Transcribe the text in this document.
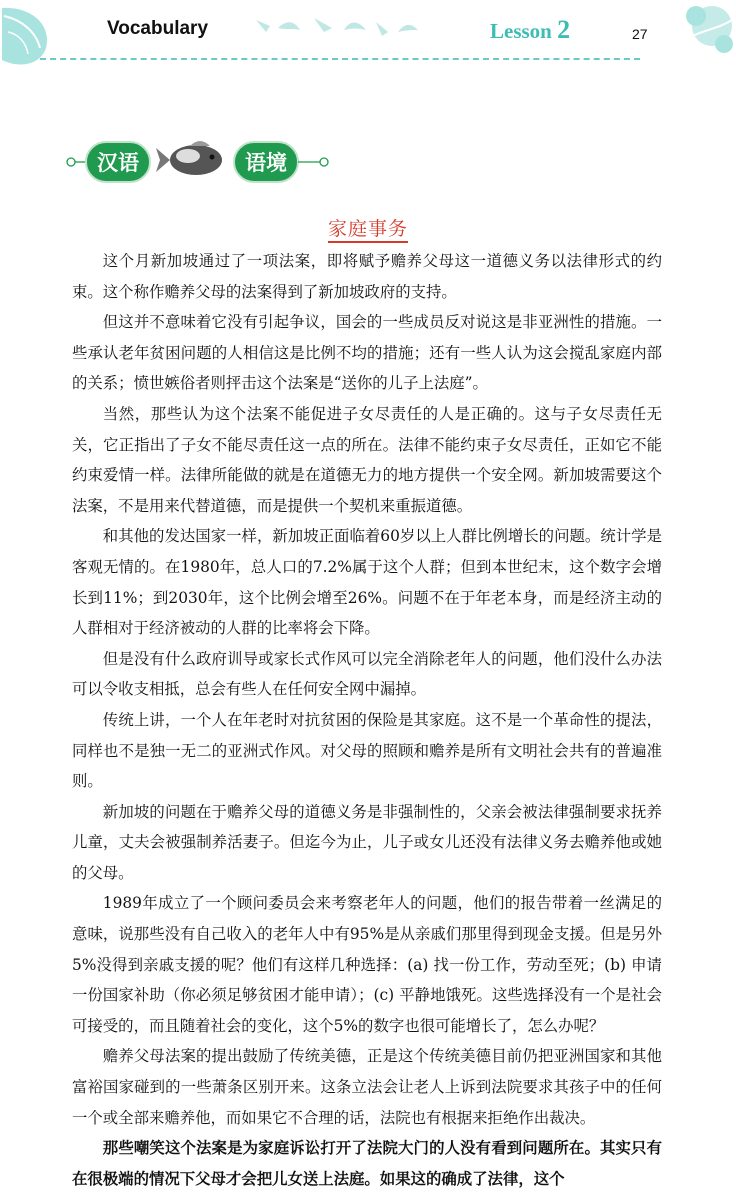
Vocabulary	Lesson 2	27
汉语	语境
家庭事务

这个月新加坡通过了一项法案，即将赋予赡养父母这一道德义务以法律形式的约束。这个称作赡养父母的法案得到了新加坡政府的支持。

但这并不意味着它没有引起争议，国会的一些成员反对说这是非亚洲性的措施。一些承认老年贫困问题的人相信这是比例不均的措施；还有一些人认为这会搅乱家庭内部的关系；愤世嫉俗者则抨击这个法案是“送你的儿子上法庭”。

当然，那些认为这个法案不能促进子女尽责任的人是正确的。这与子女尽责任无关，它正指出了子女不能尽责任这一点的所在。法律不能约束子女尽责任，正如它不能约束爱情一样。法律所能做的就是在道德无力的地方提供一个安全网。新加坡需要这个法案，不是用来代替道德，而是提供一个契机来重振道德。

和其他的发达国家一样，新加坡正面临着60岁以上人群比例增长的问题。统计学是客观无情的。在1980年，总人口的7.2%属于这个人群；但到本世纪末，这个数字会增长到11%；到2030年，这个比例会增至26%。问题不在于年老本身，而是经济主动的人群相对于经济被动的人群的比率将会下降。

但是没有什么政府训导或家长式作风可以完全消除老年人的问题，他们没什么办法可以令收支相抵，总会有些人在任何安全网中漏掉。

传统上讲，一个人在年老时对抗贫困的保险是其家庭。这不是一个革命性的提法，同样也不是独一无二的亚洲式作风。对父母的照顾和赡养是所有文明社会共有的普遍准则。

新加坡的问题在于赡养父母的道德义务是非强制性的，父亲会被法律强制要求抚养儿童，丈夫会被强制养活妻子。但迄今为止，儿子或女儿还没有法律义务去赡养他或她的父母。

1989年成立了一个顾问委员会来考察老年人的问题，他们的报告带着一丝满足的意味，说那些没有自己收入的老年人中有95%是从亲戚们那里得到现金支援。但是另外5%没得到亲戚支援的呢？他们有这样几种选择：(a) 找一份工作，劳动至死；(b) 申请一份国家补助（你必须足够贫困才能申请）；(c) 平静地饿死。这些选择没有一个是社会可接受的，而且随着社会的变化，这个5%的数字也很可能增长了，怎么办呢？

赡养父母法案的提出鼓励了传统美德，正是这个传统美德目前仍把亚洲国家和其他富裕国家碰到的一些萧条区别开来。这条立法会让老人上诉到法院要求其孩子中的任何一个或全部来赡养他，而如果它不合理的话，法院也有根据来拒绝作出裁决。

那些嘲笑这个法案是为家庭诉讼打开了法院大门的人没有看到问题所在。其实只有在很极端的情况下父母才会把儿女送上法庭。如果这的确成了法律，这个
